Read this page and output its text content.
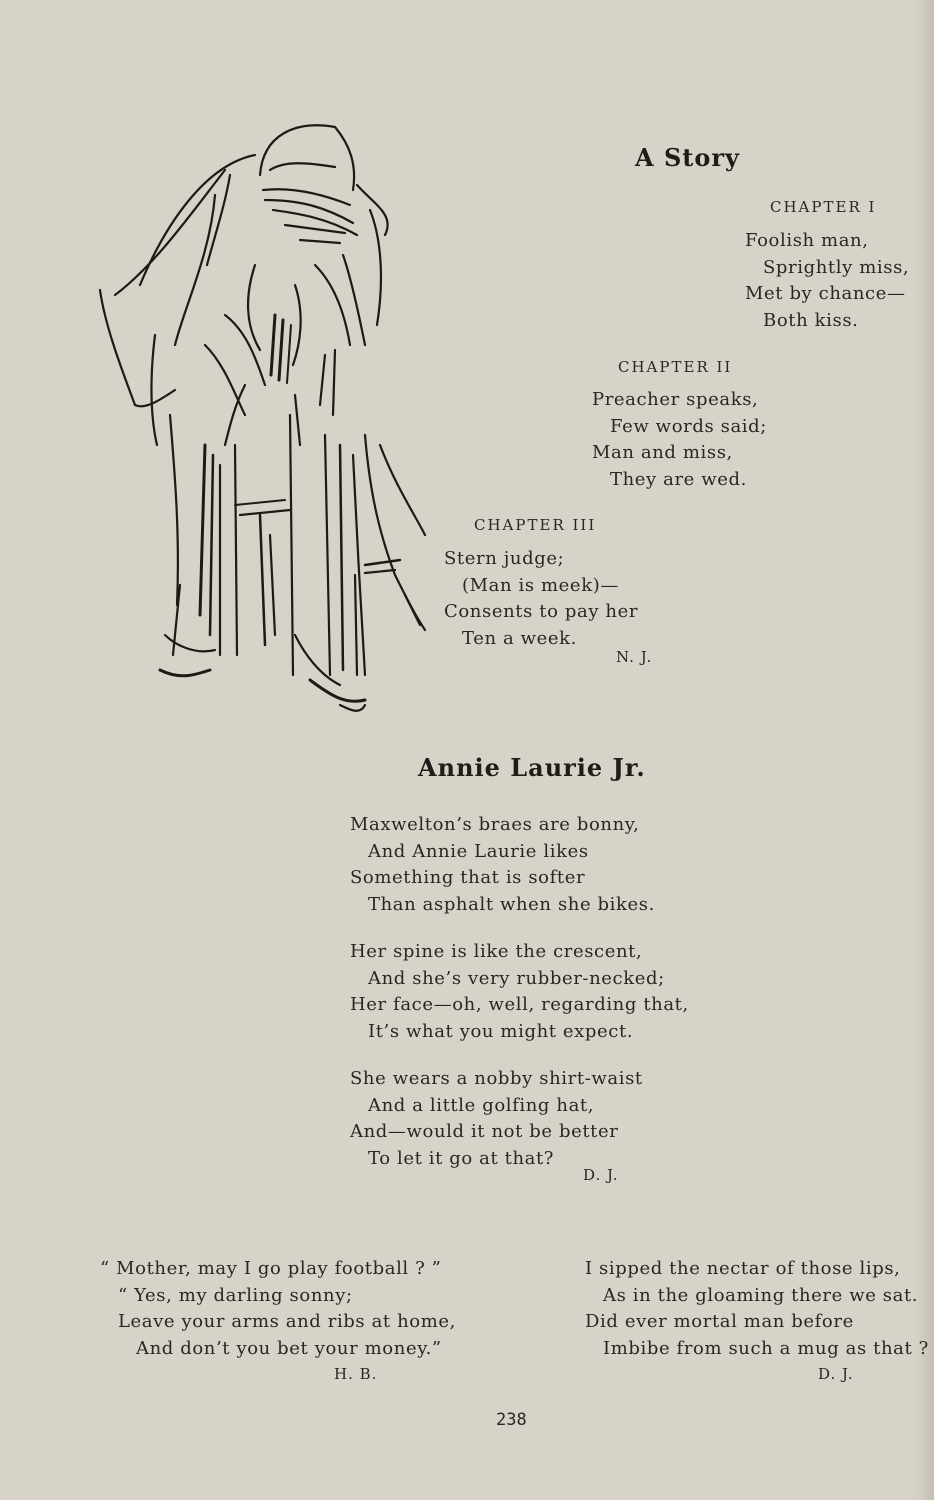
A Story
CHAPTER I
Foolish man,
Sprightly miss,
Met by chance—
Both kiss.
CHAPTER II
Preacher speaks,
Few words said;
Man and miss,
They are wed.
CHAPTER III
Stern judge;
(Man is meek)—
Consents to pay her
Ten a week.
N. J.
Annie Laurie Jr.
Maxwelton’s braes are bonny,
And Annie Laurie likes
Something that is softer
Than asphalt when she bikes.
Her spine is like the crescent,
And she’s very rubber-necked;
Her face—oh, well, regarding that,
It’s what you might expect.
She wears a nobby shirt-waist
And a little golfing hat,
And—would it not be better
To let it go at that?
D. J.
“ Mother, may I go play football ? ”
“ Yes, my darling sonny;
Leave your arms and ribs at home,
And don’t you bet your money.”
H. B.
I sipped the nectar of those lips,
As in the gloaming there we sat.
Did ever mortal man before
Imbibe from such a mug as that ?
D. J.
238
